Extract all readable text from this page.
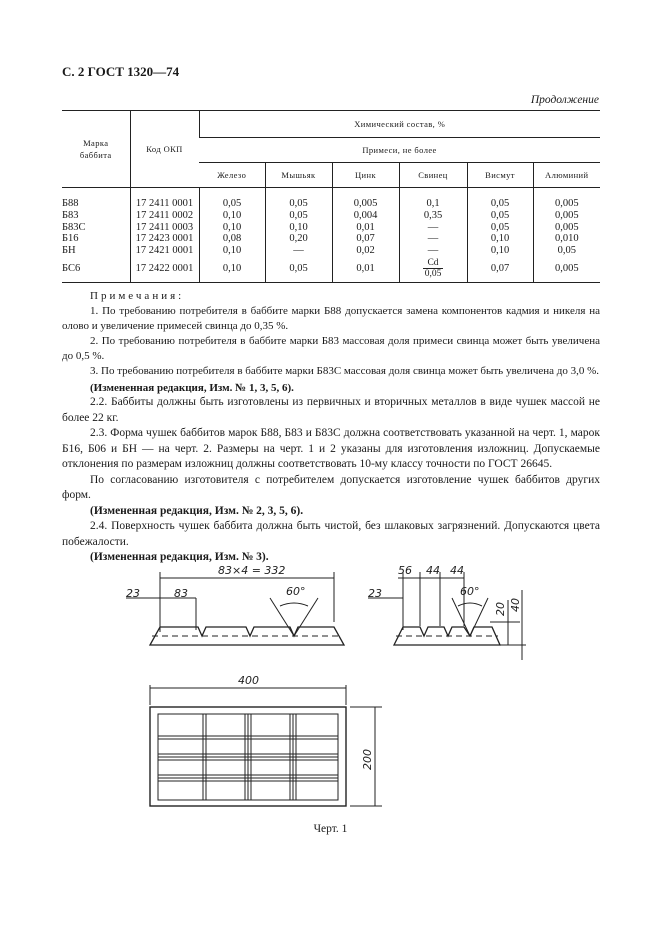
С. 2 ГОСТ 1320—74
Продолжение
Марка баббита	Код ОКП	Химический состав, %					
		Примеси, не более					
		Железо	Мышьяк	Цинк	Свинец	Висмут	Алюминий
Б88	17 2411 0001	0,05	0,05	0,005	0,1	0,05	0,005
Б83	17 2411 0002	0,10	0,05	0,004	0,35	0,05	0,005
Б83С	17 2411 0003	0,10	0,10	0,01	—	0,05	0,005
Б16	17 2423 0001	0,08	0,20	0,07	—	0,10	0,010
БН	17 2421 0001	0,10	—	0,02	—	0,10	0,05
БС6	17 2422 0001	0,10	0,05	0,01	$\frac{Cd}{0,05}$	0,07	0,005

Примечания:

1. По требованию потребителя в баббите марки Б88 допускается замена компонентов кадмия и никеля на олово и увеличение примесей свинца до 0,35 %.

2. По требованию потребителя в баббите марки Б83 массовая доля примеси свинца может быть увеличена до 0,5 %.

3. По требованию потребителя в баббите марки Б83С массовая доля свинца может быть увеличена до 3,0 %.

(Измененная редакция, Изм. № 1, 3, 5, 6).

2.2. Баббиты должны быть изготовлены из первичных и вторичных металлов в виде чушек массой не более 22 кг.

2.3. Форма чушек баббитов марок Б88, Б83 и Б83С должна соответствовать указанной на черт. 1, марок Б16, Б06 и БН — на черт. 2. Размеры на черт. 1 и 2 указаны для изготовления изложниц. Допускаемые отклонения по размерам изложниц должны соответствовать 10-му классу точности по ГОСТ 26645.

По согласованию изготовителя с потребителем допускается изготовление чушек баббитов других форм.

(Измененная редакция, Изм. № 2, 3, 5, 6).

2.4. Поверхность чушек баббита должна быть чистой, без шлаковых загрязнений. Допускаются цвета побежалости.

(Измененная редакция, Изм. № 3).

83×4 = 332
83
23	60°
56 44 44
23	60°
20 40
400
200
Черт. 1
